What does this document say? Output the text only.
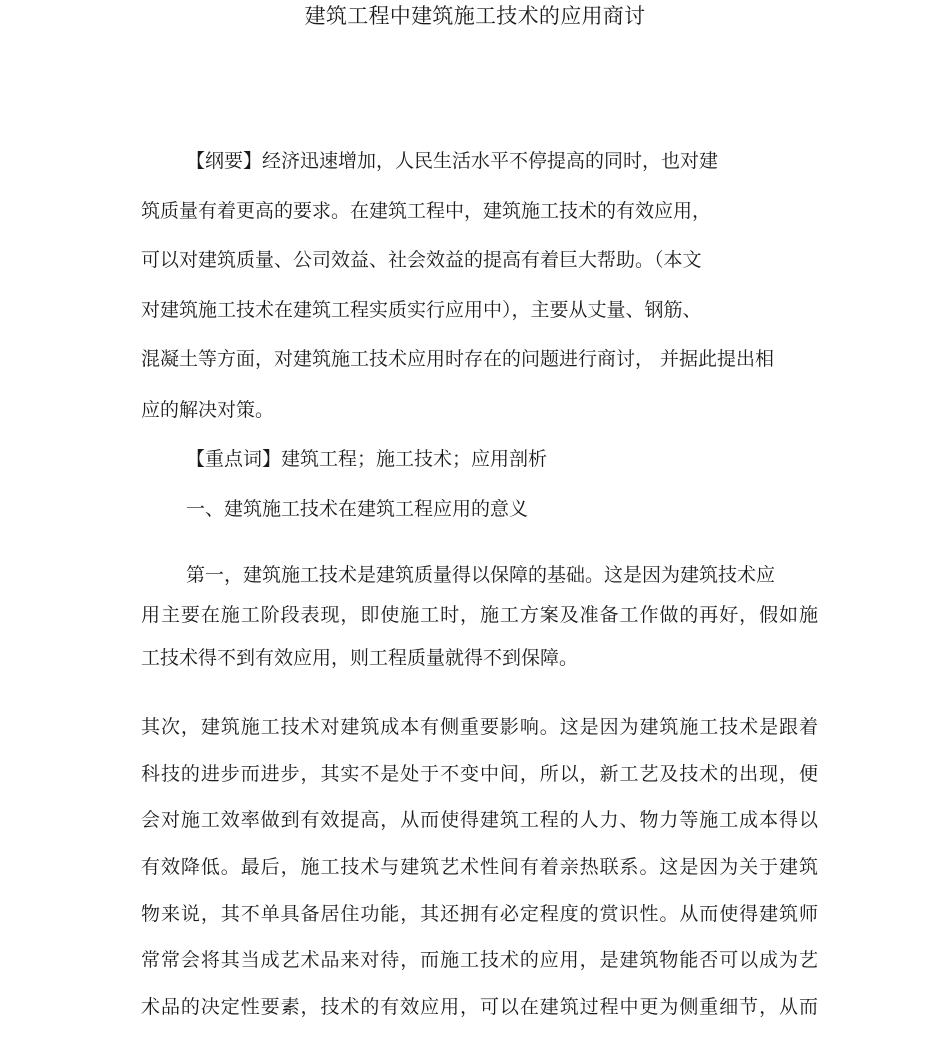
建筑工程中建筑施工技术的应用商讨

【纲要】经济迅速增加，人民生活水平不停提高的同时，也对建

筑质量有着更高的要求。在建筑工程中，建筑施工技术的有效应用，

可以对建筑质量、公司效益、社会效益的提高有着巨大帮助。（本文

对建筑施工技术在建筑工程实质实行应用中），主要从丈量、钢筋、

混凝土等方面，对建筑施工技术应用时存在的问题进行商讨， 并据此提出相

应的解决对策。

【重点词】建筑工程；施工技术；应用剖析

一、建筑施工技术在建筑工程应用的意义

第一，建筑施工技术是建筑质量得以保障的基础。这是因为建筑技术应

用主要在施工阶段表现，即使施工时，施工方案及准备工作做的再好，假如施

工技术得不到有效应用，则工程质量就得不到保障。

其次，建筑施工技术对建筑成本有侧重要影响。这是因为建筑施工技术是跟着

科技的进步而进步，其实不是处于不变中间，所以，新工艺及技术的出现，便

会对施工效率做到有效提高，从而使得建筑工程的人力、物力等施工成本得以

有效降低。最后，施工技术与建筑艺术性间有着亲热联系。这是因为关于建筑

物来说，其不单具备居住功能，其还拥有必定程度的赏识性。从而使得建筑师

常常会将其当成艺术品来对待，而施工技术的应用，是建筑物能否可以成为艺

术品的决定性要素，技术的有效应用，可以在建筑过程中更为侧重细节，从而
